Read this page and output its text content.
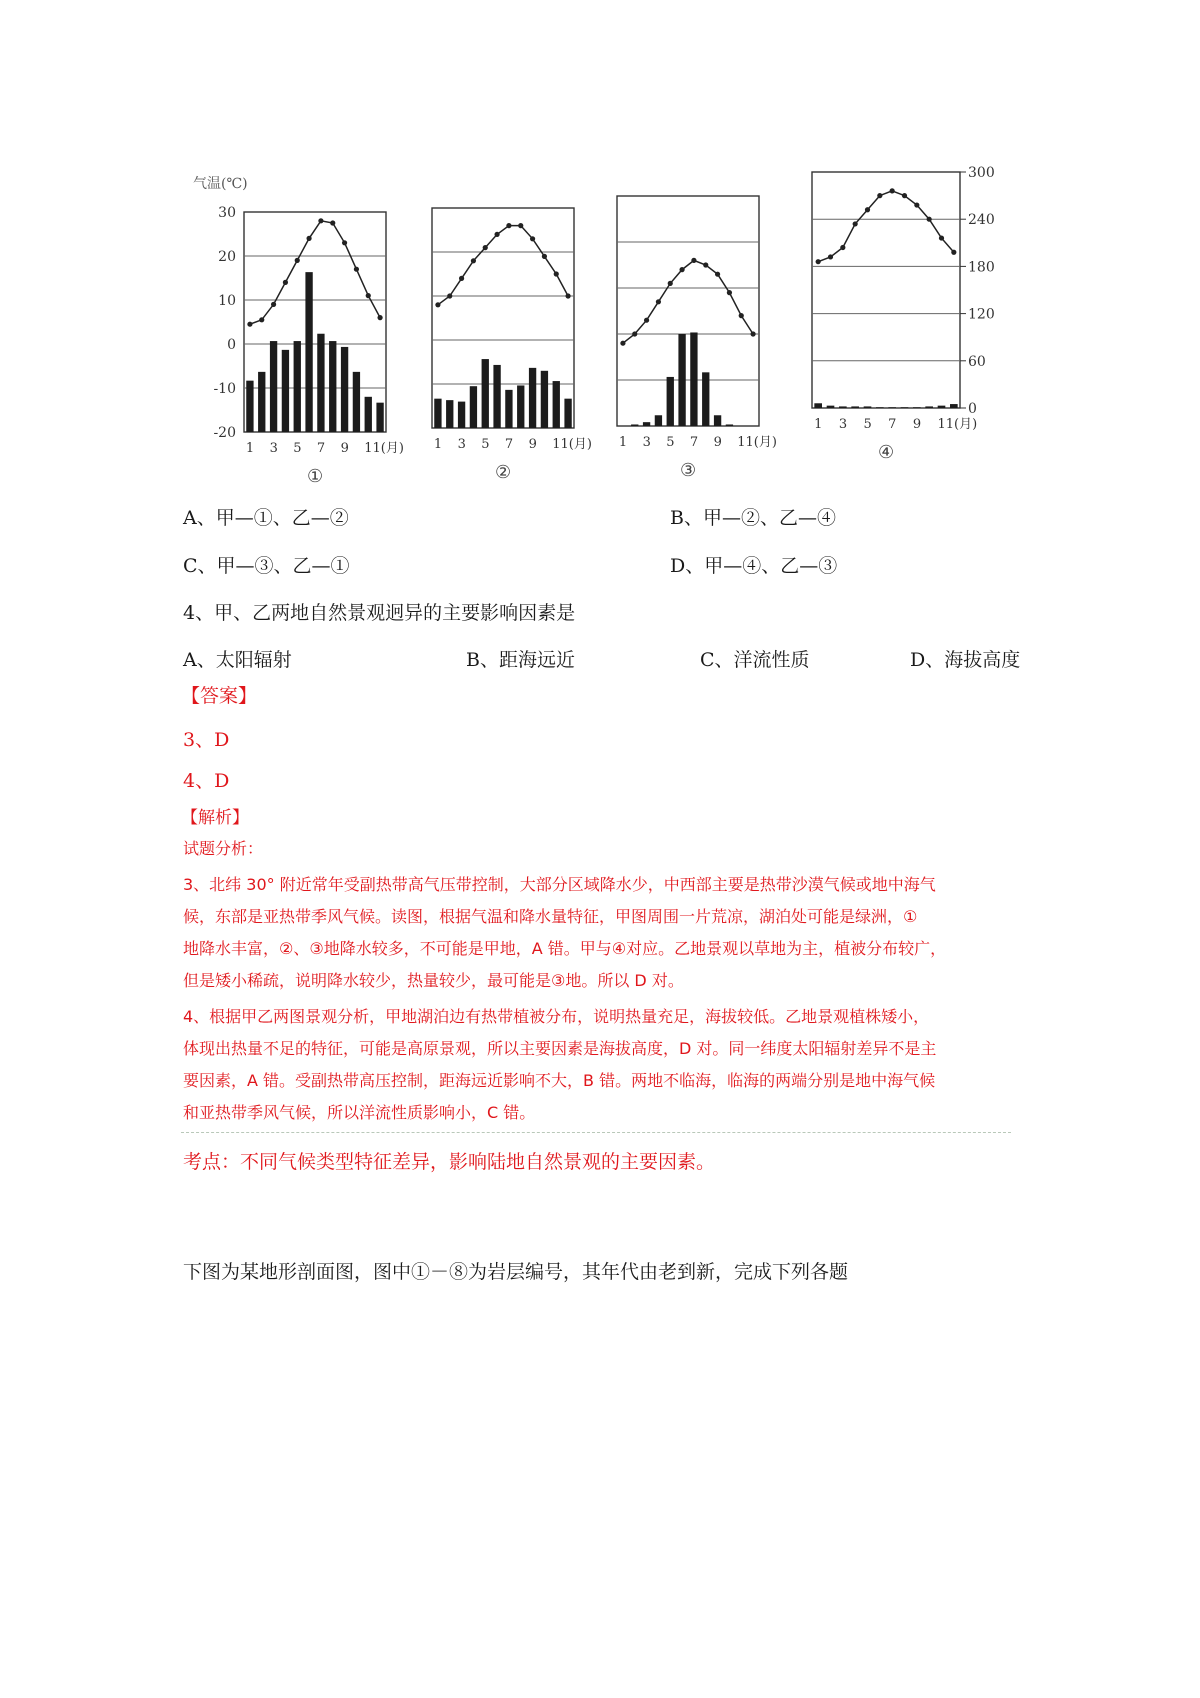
气温(℃)
1 3 5 7 9 11(月)
①
30
20
10
0
-10
-20
1 3 5 7 9 11(月)
②
1 3 5 7 9 11(月)
③
1 3 5 7 9 11(月)
④
300
240
180
120
60
0
A、甲—①、乙—②	B、甲—②、乙—④
C、甲—③、乙—①	D、甲—④、乙—③
4、甲、乙两地自然景观迥异的主要影响因素是
A、太阳辐射	B、距海远近	C、洋流性质	D、海拔高度
【答案】
3、D
4、D
【解析】
试题分析：
3、北纬 30° 附近常年受副热带高气压带控制，大部分区域降水少，中西部主要是热带沙漠气候或地中海气
候，东部是亚热带季风气候。读图，根据气温和降水量特征，甲图周围一片荒凉，湖泊处可能是绿洲，①
地降水丰富，②、③地降水较多，不可能是甲地，A 错。甲与④对应。乙地景观以草地为主，植被分布较广，
但是矮小稀疏，说明降水较少，热量较少，最可能是③地。所以 D 对。
4、根据甲乙两图景观分析，甲地湖泊边有热带植被分布，说明热量充足，海拔较低。乙地景观植株矮小，
体现出热量不足的特征，可能是高原景观，所以主要因素是海拔高度，D 对。同一纬度太阳辐射差异不是主
要因素，A 错。受副热带高压控制，距海远近影响不大，B 错。两地不临海，临海的两端分别是地中海气候
和亚热带季风气候，所以洋流性质影响小，C 错。
考点：不同气候类型特征差异，影响陆地自然景观的主要因素。
下图为某地形剖面图，图中①－⑧为岩层编号，其年代由老到新，完成下列各题
